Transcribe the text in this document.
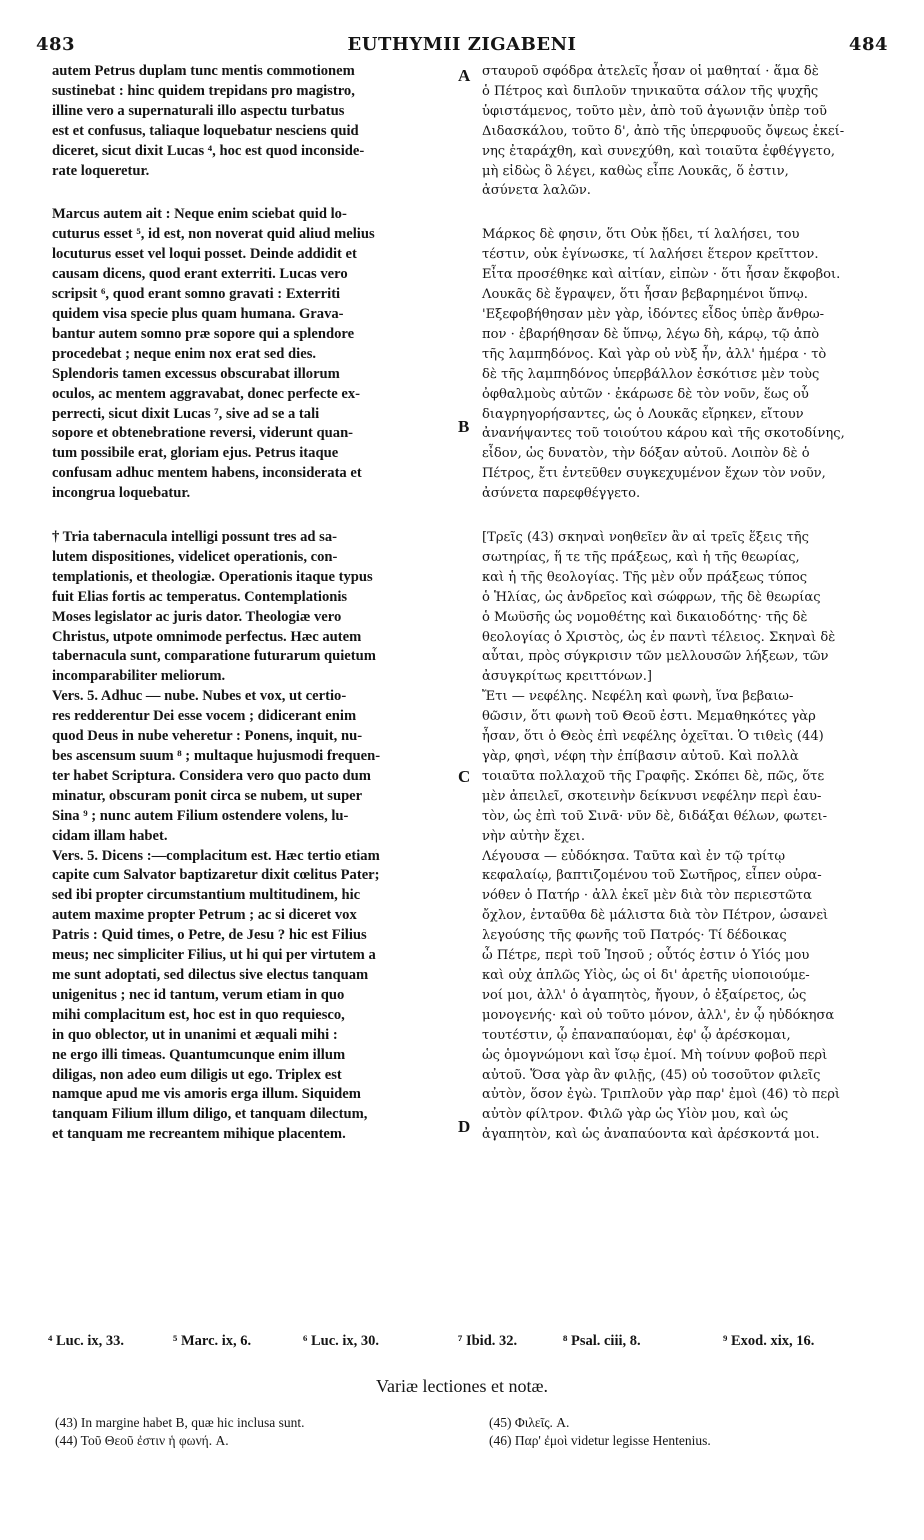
483	EUTHYMII ZIGABENI	484

autem Petrus duplam tunc mentis commotionem
sustinebat : hinc quidem trepidans pro magistro,
illine vero a supernaturali illo aspectu turbatus
est et confusus, taliaque loquebatur nesciens quid
diceret, sicut dixit Lucas ⁴, hoc est quod inconside-
rate loqueretur.

Marcus autem ait : Neque enim sciebat quid lo-
cuturus esset ⁵, id est, non noverat quid aliud melius
locuturus esset vel loqui posset. Deinde addidit et
causam dicens, quod erant exterriti. Lucas vero
scripsit ⁶, quod erant somno gravati : Exterriti
quidem visa specie plus quam humana. Grava-
bantur autem somno præ sopore qui a splendore
procedebat ; neque enim nox erat sed dies.
Splendoris tamen excessus obscurabat illorum
oculos, ac mentem aggravabat, donec perfecte ex-
perrecti, sicut dixit Lucas ⁷, sive ad se a tali
sopore et obtenebratione reversi, viderunt quan-
tum possibile erat, gloriam ejus. Petrus itaque
confusam adhuc mentem habens, inconsiderata et
incongrua loquebatur.

† Tria tabernacula intelligi possunt tres ad sa-
lutem dispositiones, videlicet operationis, con-
templationis, et theologiæ. Operationis itaque typus
fuit Elias fortis ac temperatus. Contemplationis
Moses legislator ac juris dator. Theologiæ vero
Christus, utpote omnimode perfectus. Hæc autem
tabernacula sunt, comparatione futurarum quietum
incomparabiliter meliorum.

Vers. 5. Adhuc — nube. Nubes et vox, ut certio-
res redderentur Dei esse vocem ; didicerant enim
quod Deus in nube veheretur : Ponens, inquit, nu-
bes ascensum suum ⁸ ; multaque hujusmodi frequen-
ter habet Scriptura. Considera vero quo pacto dum
minatur, obscuram ponit circa se nubem, ut super
Sina ⁹ ; nunc autem Filium ostendere volens, lu-
cidam illam habet.

Vers. 5. Dicens :—complacitum est. Hæc tertio etiam
capite cum Salvator baptizaretur dixit cœlitus Pater;
sed ibi propter circumstantium multitudinem, hic
autem maxime propter Petrum ; ac si diceret vox
Patris : Quid times, o Petre, de Jesu ? hic est Filius
meus; nec simpliciter Filius, ut hi qui per virtutem a
me sunt adoptati, sed dilectus sive electus tanquam
unigenitus ; nec id tantum, verum etiam in quo
mihi complacitum est, hoc est in quo requiesco,
in quo oblector, ut in unanimi et æquali mihi :
ne ergo illi timeas. Quantumcunque enim illum
diligas, non adeo eum diligis ut ego. Triplex est
namque apud me vis amoris erga illum. Siquidem
tanquam Filium illum diligo, et tanquam dilectum,
et tanquam me recreantem mihique placentem.

A
B
C
D

σταυροῦ σφόδρα ἀτελεῖς ἦσαν οἱ μαθηταί · ἅμα δὲ
ὁ Πέτρος καὶ διπλοῦν τηνικαῦτα σάλον τῆς ψυχῆς
ὑφιστάμενος, τοῦτο μὲν, ἀπὸ τοῦ ἀγωνιᾷν ὑπὲρ τοῦ
Διδασκάλου, τοῦτο δ', ἀπὸ τῆς ὑπερφυοῦς ὄψεως ἐκεί-
νης ἐταράχθη, καὶ συνεχύθη, καὶ τοιαῦτα ἐφθέγγετο,
μὴ εἰδὼς ὃ λέγει, καθὼς εἶπε Λουκᾶς, ὅ ἐστιν,
ἀσύνετα λαλῶν.

Μάρκος δὲ φησιν, ὅτι Οὐκ ᾔδει, τί λαλήσει, του
τέστιν, οὐκ ἐγίνωσκε, τί λαλήσει ἕτερον κρεῖττον.
Εἶτα προσέθηκε καὶ αἰτίαν, εἰπὼν · ὅτι ἦσαν ἔκφοβοι.
Λουκᾶς δὲ ἔγραψεν, ὅτι ἦσαν βεβαρημένοι ὕπνῳ.
'Εξεφοβήθησαν μὲν γὰρ, ἰδόντες εἶδος ὑπὲρ ἄνθρω-
πον · ἐβαρήθησαν δὲ ὕπνῳ, λέγω δὴ, κάρῳ, τῷ ἀπὸ
τῆς λαμπηδόνος. Καὶ γὰρ οὐ νὺξ ἦν, ἀλλ' ἡμέρα · τὸ
δὲ τῆς λαμπηδόνος ὑπερβάλλον ἐσκότισε μὲν τοὺς
ὀφθαλμοὺς αὐτῶν · ἐκάρωσε δὲ τὸν νοῦν, ἕως οὗ
διαγρηγορήσαντες, ὡς ὁ Λουκᾶς εἴρηκεν, εἴτουν
ἀνανήψαντες τοῦ τοιούτου κάρου καὶ τῆς σκοτοδίνης,
εἶδον, ὡς δυνατὸν, τὴν δόξαν αὐτοῦ. Λοιπὸν δὲ ὁ
Πέτρος, ἔτι ἐντεῦθεν συγκεχυμένον ἔχων τὸν νοῦν,
ἀσύνετα παρεφθέγγετο.

[Τρεῖς (43) σκηναὶ νοηθεῖεν ἂν αἱ τρεῖς ἕξεις τῆς
σωτηρίας, ἥ τε τῆς πράξεως, καὶ ἡ τῆς θεωρίας,
καὶ ἡ τῆς θεολογίας. Τῆς μὲν οὖν πράξεως τύπος
ὁ Ἡλίας, ὡς ἀνδρεῖος καὶ σώφρων, τῆς δὲ θεωρίας
ὁ Μωϋσῆς ὡς νομοθέτης καὶ δικαιοδότης· τῆς δὲ
θεολογίας ὁ Χριστὸς, ὡς ἐν παντὶ τέλειος. Σκηναὶ δὲ
αὗται, πρὸς σύγκρισιν τῶν μελλουσῶν λήξεων, τῶν
ἀσυγκρίτως κρειττόνων.]

Ἔτι — νεφέλης. Νεφέλη καὶ φωνὴ, ἵνα βεβαιω-
θῶσιν, ὅτι φωνὴ τοῦ Θεοῦ ἐστι. Μεμαθηκότες γὰρ
ἦσαν, ὅτι ὁ Θεὸς ἐπὶ νεφέλης ὀχεῖται. Ὁ τιθεὶς (44)
γὰρ, φησὶ, νέφη τὴν ἐπίβασιν αὐτοῦ. Καὶ πολλὰ
τοιαῦτα πολλαχοῦ τῆς Γραφῆς. Σκόπει δὲ, πῶς, ὅτε
μὲν ἀπειλεῖ, σκοτεινὴν δείκνυσι νεφέλην περὶ ἑαυ-
τὸν, ὡς ἐπὶ τοῦ Σινᾶ· νῦν δὲ, διδάξαι θέλων, φωτει-
νὴν αὐτὴν ἔχει.

Λέγουσα — εὐδόκησα. Ταῦτα καὶ ἐν τῷ τρίτῳ
κεφαλαίῳ, βαπτιζομένου τοῦ Σωτῆρος, εἶπεν οὐρα-
νόθεν ὁ Πατήρ · ἀλλ ἐκεῖ μὲν διὰ τὸν περιεστῶτα
ὄχλον, ἐνταῦθα δὲ μάλιστα διὰ τὸν Πέτρον, ὡσανεὶ
λεγούσης τῆς φωνῆς τοῦ Πατρός· Τί δέδοικας
ὦ Πέτρε, περὶ τοῦ Ἰησοῦ ; οὗτός ἐστιν ὁ Υἱός μου
καὶ οὐχ ἁπλῶς Υἱὸς, ὡς οἱ δι' ἀρετῆς υἱοποιούμε-
νοί μοι, ἀλλ' ὁ ἀγαπητὸς, ἤγουν, ὁ ἐξαίρετος, ὡς
μονογενής· καὶ οὐ τοῦτο μόνον, ἀλλ', ἐν ᾧ ηὐδόκησα
τουτέστιν, ᾧ ἐπαναπαύομαι, ἐφ' ᾧ ἀρέσκομαι,
ὡς ὁμογνώμονι καὶ ἴσῳ ἐμοί. Μὴ τοίνυν φοβοῦ περὶ
αὐτοῦ. Ὅσα γὰρ ἂν φιλῇς, (45) οὐ τοσοῦτον φιλεῖς
αὐτὸν, ὅσον ἐγὼ. Τριπλοῦν γὰρ παρ' ἐμοὶ (46) τὸ περὶ
αὐτὸν φίλτρον. Φιλῶ γὰρ ὡς Υἱὸν μου, καὶ ὡς
ἀγαπητὸν, καὶ ὡς ἀναπαύοντα καὶ ἀρέσκοντά μοι.

⁴ Luc. ix, 33.	⁵ Marc. ix, 6.	⁶ Luc. ix, 30.	⁷ Ibid. 32.	⁸ Psal. ciii, 8.	⁹ Exod. xix, 16.
Variæ lectiones et notæ.
(43) In margine habet B, quæ hic inclusa sunt.
(44) Τοῦ Θεοῦ ἐστιν ἡ φωνή. A.
(45) Φιλεῖς. A.
(46) Παρ' ἐμοὶ videtur legisse Hentenius.
